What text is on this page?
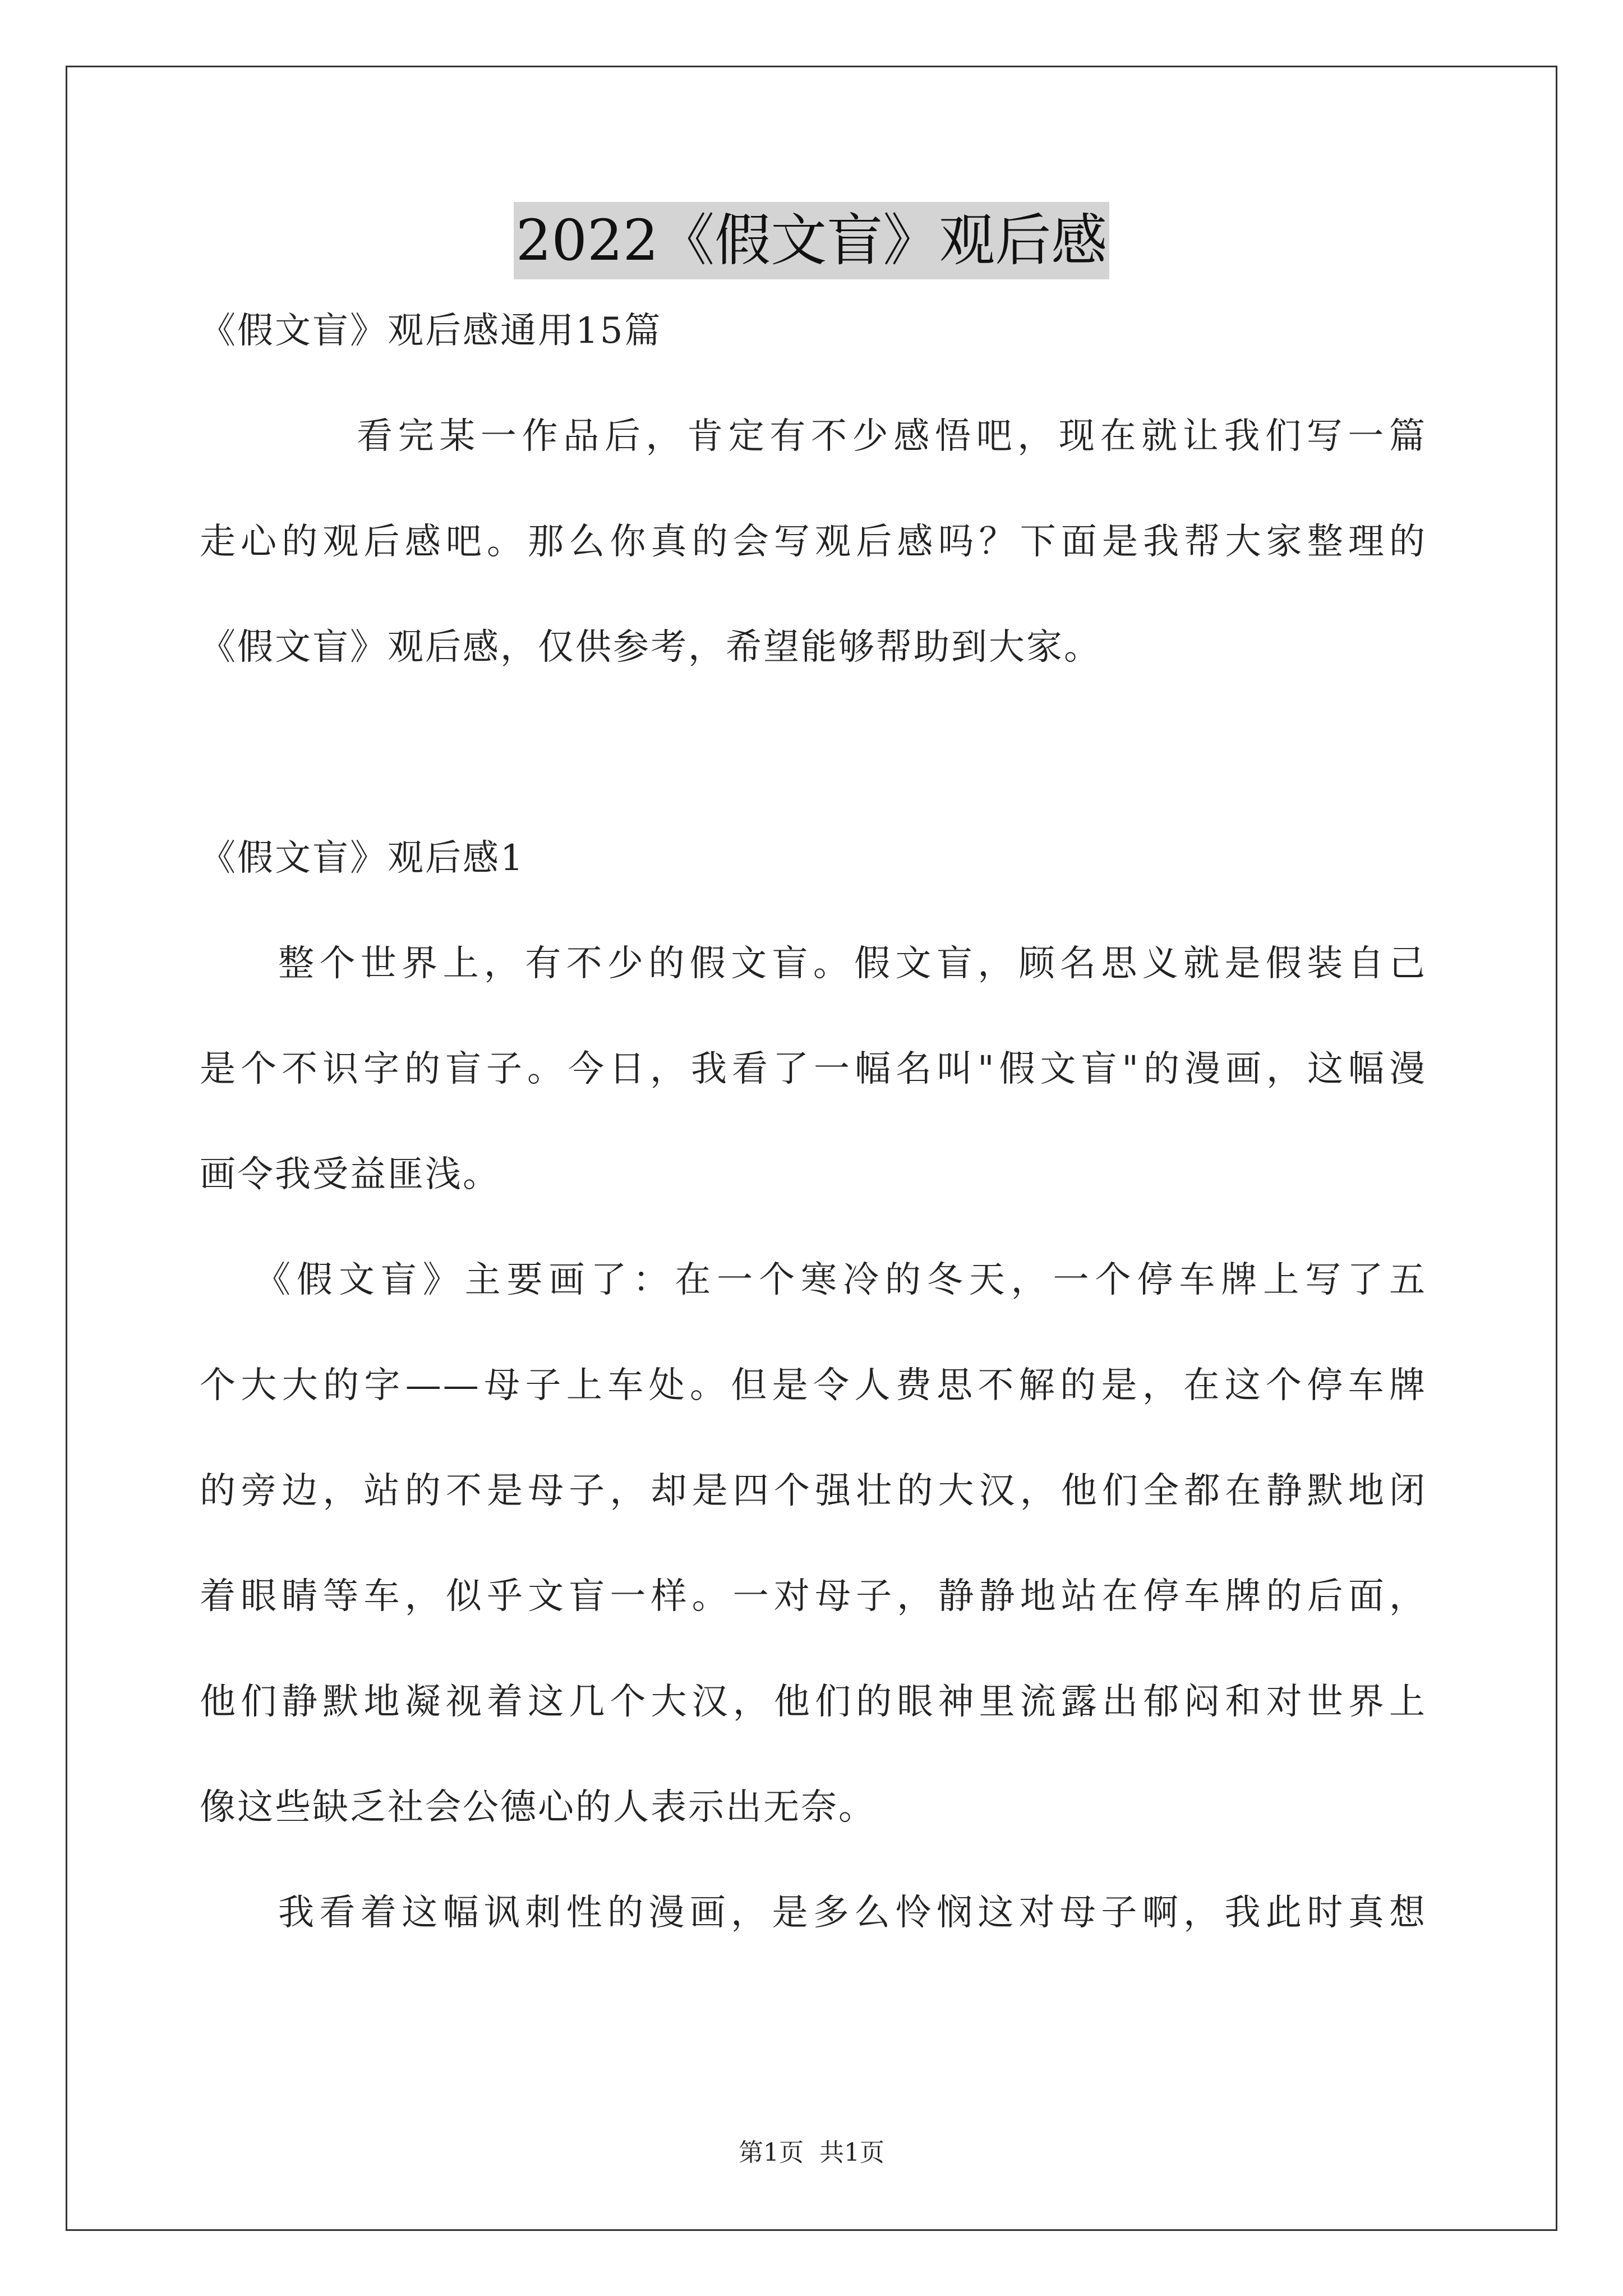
2022《假文盲》观后感
《假文盲》观后感通用15篇
看完某一作品后，肯定有不少感悟吧，现在就让我们写一篇
走心的观后感吧。那么你真的会写观后感吗？下面是我帮大家整理的
《假文盲》观后感，仅供参考，希望能够帮助到大家。
《假文盲》观后感1
整个世界上，有不少的假文盲。假文盲，顾名思义就是假装自己
是个不识字的盲子。今日，我看了一幅名叫"假文盲"的漫画，这幅漫
画令我受益匪浅。
《假文盲》主要画了：在一个寒冷的冬天，一个停车牌上写了五
个大大的字——母子上车处。但是令人费思不解的是，在这个停车牌
的旁边，站的不是母子，却是四个强壮的大汉，他们全都在静默地闭
着眼睛等车，似乎文盲一样。一对母子，静静地站在停车牌的后面，
他们静默地凝视着这几个大汉，他们的眼神里流露出郁闷和对世界上
像这些缺乏社会公德心的人表示出无奈。
我看着这幅讽刺性的漫画，是多么怜悯这对母子啊，我此时真想
第1页 共1页
